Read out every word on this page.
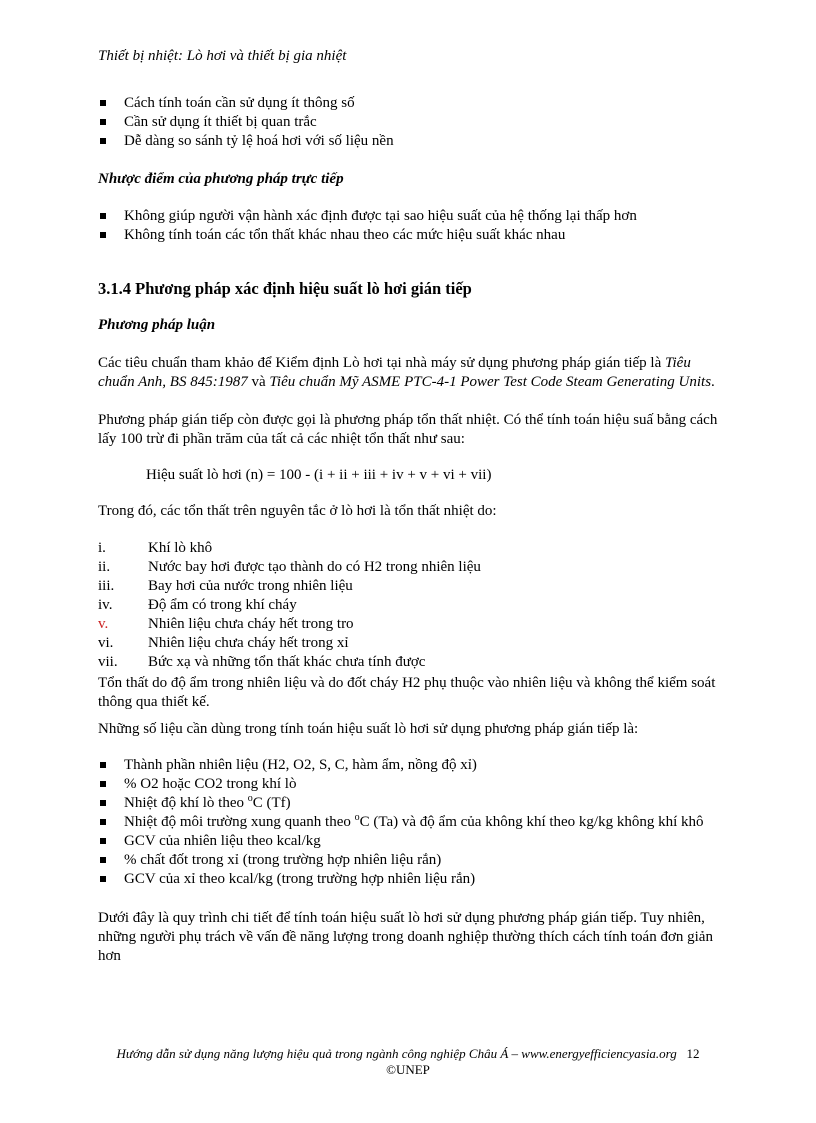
Thiết bị nhiệt: Lò hơi và thiết bị gia nhiệt
Cách tính toán cần sử dụng ít thông số
Cần sử dụng ít thiết bị quan trắc
Dễ dàng so sánh tỷ lệ hoá hơi với số liệu nền

Nhược điểm của phương pháp trực tiếp

Không giúp người vận hành xác định được tại sao hiệu suất của hệ thống lại thấp hơn
Không tính toán các tổn thất khác nhau theo các mức hiệu suất khác nhau

3.1.4 Phương pháp xác định hiệu suất lò hơi gián tiếp

Phương pháp luận

Các tiêu chuẩn tham khảo để Kiểm định Lò hơi tại nhà máy sử dụng phương pháp gián tiếp là Tiêu chuẩn Anh, BS 845:1987 và Tiêu chuẩn Mỹ ASME PTC-4-1 Power Test Code Steam Generating Units.

Phương pháp gián tiếp còn được gọi là phương pháp tổn thất nhiệt. Có thể tính toán hiệu suấ bằng cách lấy 100 trừ đi phần trăm của tất cả các nhiệt tổn thất như sau:

Hiệu suất lò hơi (n) = 100 - (i + ii + iii + iv + v + vi + vii)

Trong đó, các tổn thất trên nguyên tắc ở lò hơi là tổn thất nhiệt do:

i.	Khí lò khô
ii.	Nước bay hơi được tạo thành do có H2 trong nhiên liệu
iii.	Bay hơi của nước trong nhiên liệu
iv.	Độ ẩm có trong khí cháy
v.	Nhiên liệu chưa cháy hết trong tro
vi.	Nhiên liệu chưa cháy hết trong xỉ
vii.	Bức xạ và những tổn thất khác chưa tính được

Tổn thất do độ ẩm trong nhiên liệu và do đốt cháy H2 phụ thuộc vào nhiên liệu và không thể kiểm soát thông qua thiết kế.

Những số liệu cần dùng trong tính toán hiệu suất lò hơi sử dụng phương pháp gián tiếp là:

Thành phần nhiên liệu (H2, O2, S, C, hàm ẩm, nồng độ xỉ)
% O2 hoặc CO2 trong khí lò
Nhiệt độ khí lò theo $^o$C (Tf)
Nhiệt độ môi trường xung quanh theo $^o$C (Ta) và độ ẩm của không khí theo kg/kg không khí khô
GCV của nhiên liệu theo kcal/kg
% chất đốt trong xỉ (trong trường hợp nhiên liệu rắn)
GCV của xỉ theo kcal/kg (trong trường hợp nhiên liệu rắn)

Dưới đây là quy trình chi tiết để tính toán hiệu suất lò hơi sử dụng phương pháp gián tiếp. Tuy nhiên, những người phụ trách về vấn đề năng lượng trong doanh nghiệp thường thích cách tính toán đơn giản hơn

Hướng dẫn sử dụng năng lượng hiệu quả trong ngành công nghiệp Châu Á – www.energyefficiencyasia.org 12
©UNEP
